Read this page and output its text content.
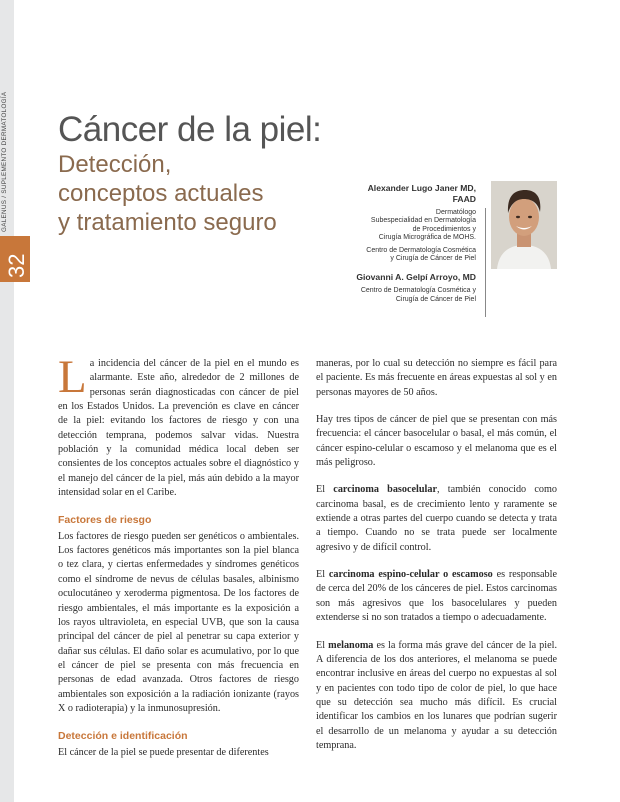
GALENUS / SUPLEMENTO DERMATOLOGÍA
32
Cáncer de la piel:
Detección,
conceptos actuales
y tratamiento seguro
Alexander Lugo Janer MD,
FAAD
Dermatólogo
Subespecialidad en Dermatología
de Procedimientos y
Cirugía Micrográfica de MOHS.
Centro de Dermatología Cosmética
y Cirugía de Cáncer de Piel
Giovanni A. Gelpí Arroyo, MD
Centro de Dermatología Cosmética y
Cirugía de Cáncer de Piel

La incidencia del cáncer de la piel en el mundo es alarmante. Este año, alrededor de 2 millones de personas serán diagnosticadas con cáncer de piel en los Estados Unidos. La prevención es clave en cáncer de la piel: evitando los factores de riesgo y con una detección temprana, podemos salvar vidas. Nuestra población y la comunidad médica local deben ser consientes de los conceptos actuales sobre el diagnóstico y el manejo del cáncer de la piel, más aún debido a la mayor intensidad solar en el Caribe.

Factores de riesgo

Los factores de riesgo pueden ser genéticos o ambientales. Los factores genéticos más importantes son la piel blanca o tez clara, y ciertas enfermedades y síndromes genéticos como el síndrome de nevus de células basales, albinismo oculocutáneo y xeroderma pigmentosa. De los factores de riesgo ambientales, el más importante es la exposición a los rayos ultravioleta, en especial UVB, que son la causa principal del cáncer de piel al penetrar su capa exterior y dañar sus células. El daño solar es acumulativo, por lo que el cáncer de piel se presenta con más frecuencia en personas de edad avanzada. Otros factores de riesgo ambientales son exposición a la radiación ionizante (rayos X o radioterapia) y la inmunosupresión.

Detección e identificación

El cáncer de la piel se puede presentar de diferentes

maneras, por lo cual su detección no siempre es fácil para el paciente. Es más frecuente en áreas expuestas al sol y en personas mayores de 50 años.

Hay tres tipos de cáncer de piel que se presentan con más frecuencia: el cáncer basocelular o basal, el más común, el cáncer espino-celular o escamoso y el melanoma que es el más peligroso.

El carcinoma basocelular, también conocido como carcinoma basal, es de crecimiento lento y raramente se extiende a otras partes del cuerpo cuando se detecta y trata a tiempo. Cuando no se trata puede ser localmente agresivo y de difícil control.

El carcinoma espino-celular o escamoso es responsable de cerca del 20% de los cánceres de piel. Estos carcinomas son más agresivos que los basocelulares y pueden extenderse si no son tratados a tiempo o adecuadamente.

El melanoma es la forma más grave del cáncer de la piel. A diferencia de los dos anteriores, el melanoma se puede encontrar inclusive en áreas del cuerpo no expuestas al sol y en pacientes con todo tipo de color de piel, lo que hace que su detección sea mucho más difícil. Es crucial identificar los cambios en los lunares que podrían sugerir el desarrollo de un melanoma y ayudar a su detección temprana.
